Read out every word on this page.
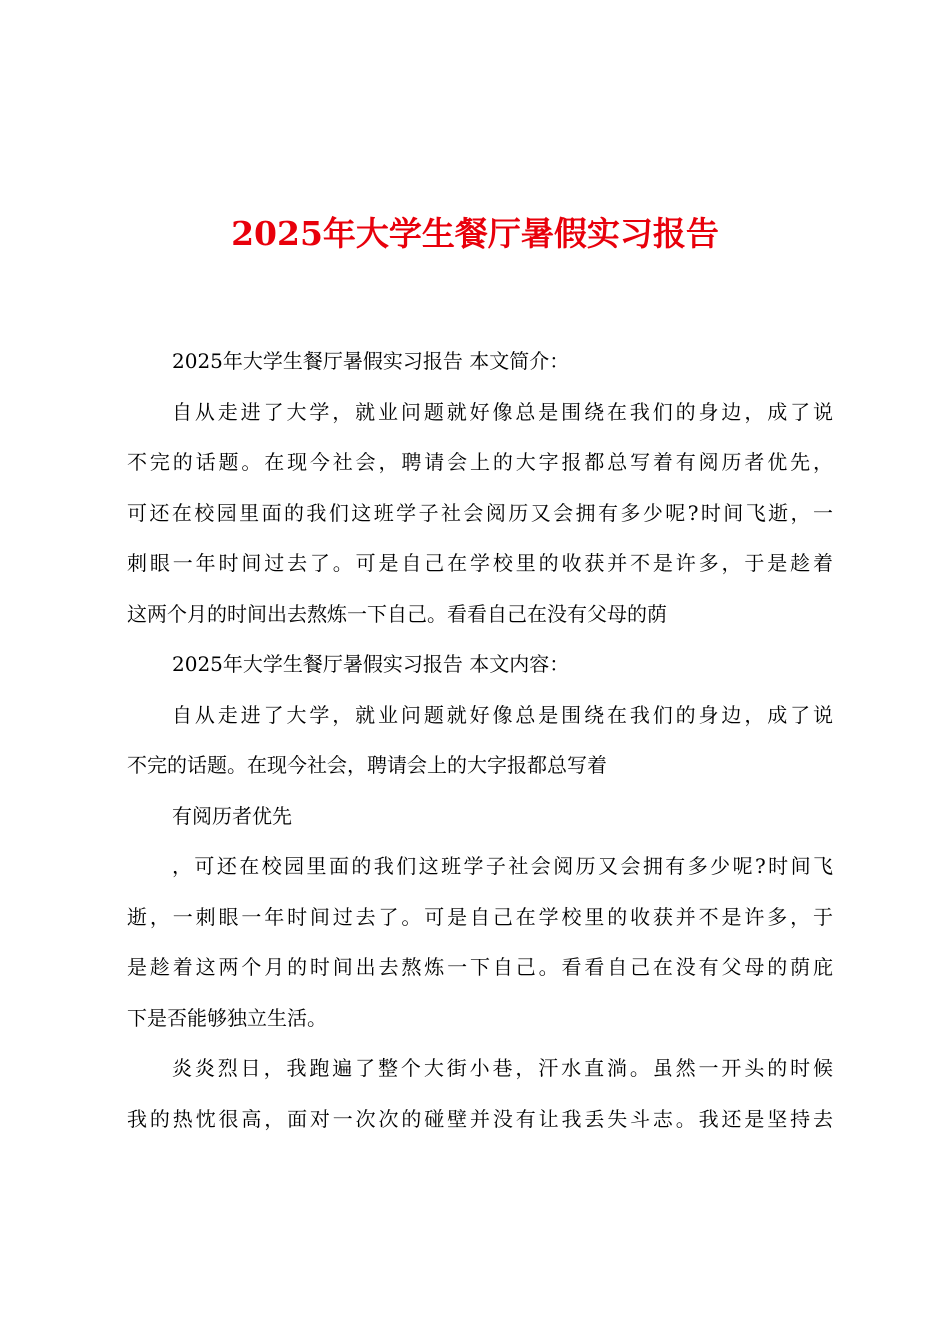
2025年大学生餐厅暑假实习报告
2025年大学生餐厅暑假实习报告 本文简介：
自从走进了大学，就业问题就好像总是围绕在我们的身边，成了说
不完的话题。在现今社会，聘请会上的大字报都总写着有阅历者优先，
可还在校园里面的我们这班学子社会阅历又会拥有多少呢?时间飞逝，一
刺眼一年时间过去了。可是自己在学校里的收获并不是许多，于是趁着
这两个月的时间出去熬炼一下自己。看看自己在没有父母的荫
2025年大学生餐厅暑假实习报告 本文内容：
自从走进了大学，就业问题就好像总是围绕在我们的身边，成了说
不完的话题。在现今社会，聘请会上的大字报都总写着
有阅历者优先
，可还在校园里面的我们这班学子社会阅历又会拥有多少呢?时间飞
逝，一刺眼一年时间过去了。可是自己在学校里的收获并不是许多，于
是趁着这两个月的时间出去熬炼一下自己。看看自己在没有父母的荫庇
下是否能够独立生活。
炎炎烈日，我跑遍了整个大街小巷，汗水直淌。虽然一开头的时候
我的热忱很高，面对一次次的碰壁并没有让我丢失斗志。我还是坚持去
